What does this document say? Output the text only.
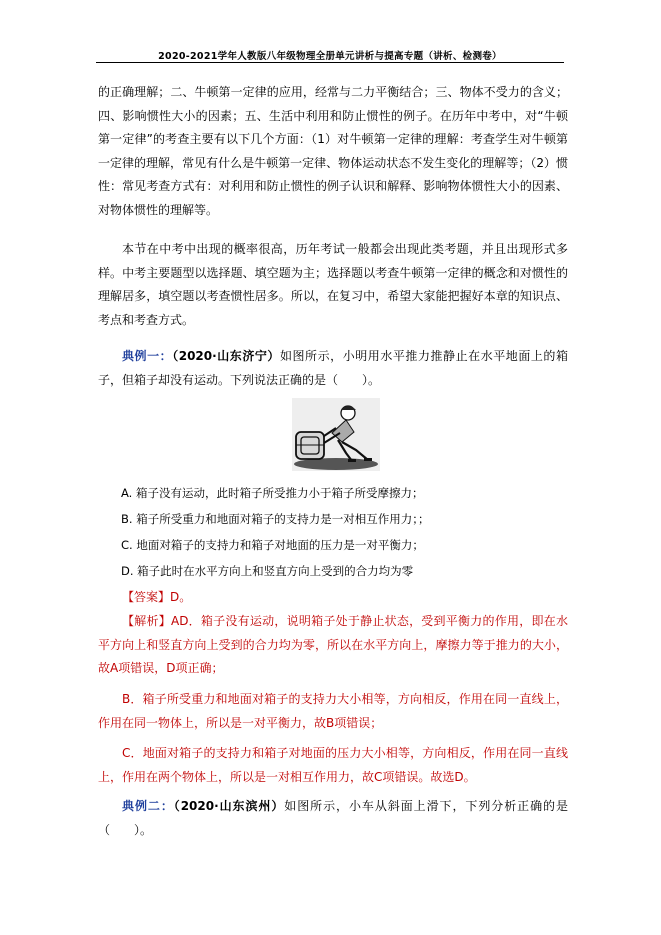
2020-2021学年人教版八年级物理全册单元讲析与提高专题（讲析、检测卷）
的正确理解；二、牛顿第一定律的应用，经常与二力平衡结合；三、物体不受力的含义；四、影响惯性大小的因素；五、生活中利用和防止惯性的例子。在历年中考中，对“牛顿第一定律”的考查主要有以下几个方面：（1）对牛顿第一定律的理解：考查学生对牛顿第一定律的理解，常见有什么是牛顿第一定律、物体运动状态不发生变化的理解等；（2）惯性：常见考查方式有：对利用和防止惯性的例子认识和解释、影响物体惯性大小的因素、对物体惯性的理解等。
本节在中考中出现的概率很高，历年考试一般都会出现此类考题，并且出现形式多样。中考主要题型以选择题、填空题为主；选择题以考查牛顿第一定律的概念和对惯性的理解居多，填空题以考查惯性居多。所以，在复习中，希望大家能把握好本章的知识点、考点和考查方式。
典例一：（2020·山东济宁）如图所示，小明用水平推力推静止在水平地面上的箱子，但箱子却没有运动。下列说法正确的是（　　）。
A. 箱子没有运动，此时箱子所受推力小于箱子所受摩擦力；
B. 箱子所受重力和地面对箱子的支持力是一对相互作用力；；
C. 地面对箱子的支持力和箱子对地面的压力是一对平衡力；
D. 箱子此时在水平方向上和竖直方向上受到的合力均为零
【答案】D。
【解析】AD．箱子没有运动，说明箱子处于静止状态，受到平衡力的作用，即在水平方向上和竖直方向上受到的合力均为零，所以在水平方向上，摩擦力等于推力的大小，故A项错误，D项正确；
B．箱子所受重力和地面对箱子的支持力大小相等，方向相反，作用在同一直线上，作用在同一物体上，所以是一对平衡力，故B项错误；
C．地面对箱子的支持力和箱子对地面的压力大小相等，方向相反，作用在同一直线上，作用在两个物体上，所以是一对相互作用力，故C项错误。故选D。
典例二：（2020·山东滨州）如图所示，小车从斜面上滑下，下列分析正确的是（　　）。
